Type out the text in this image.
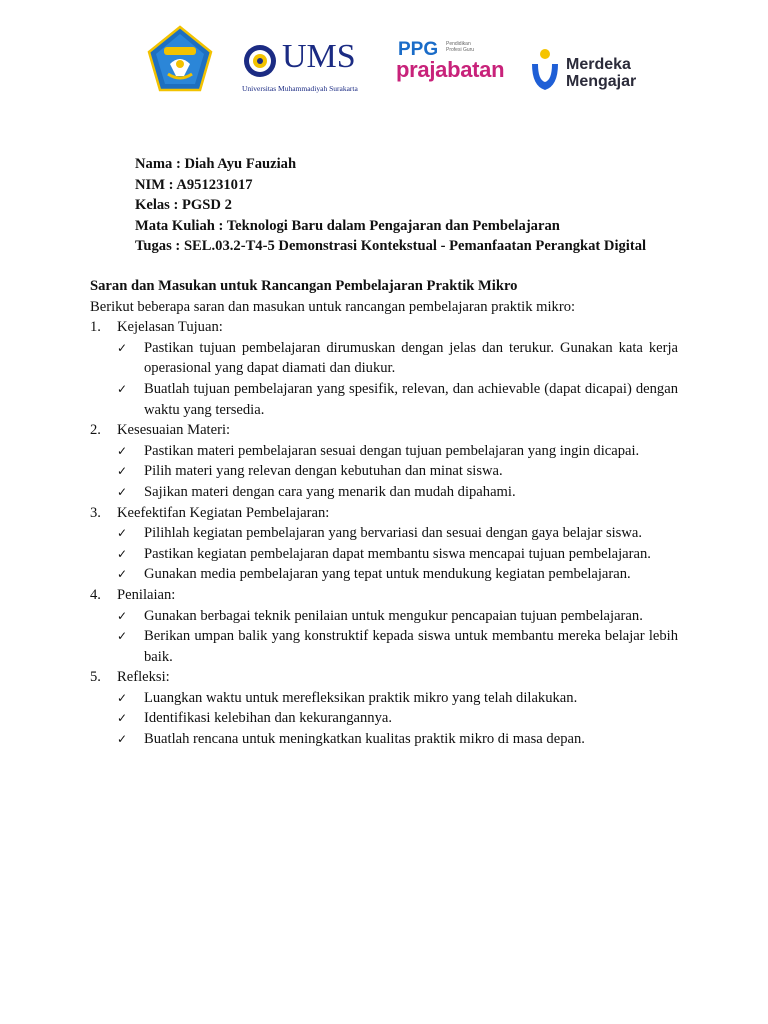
UMS
Universitas Muhammadiyah Surakarta
PPG Pendidikan Profesi Guru
prajabatan	Merdeka
Mengajar
Nama : Diah Ayu Fauziah
NIM : A951231017
Kelas : PGSD 2
Mata Kuliah : Teknologi Baru dalam Pengajaran dan Pembelajaran
Tugas : SEL.03.2-T4-5 Demonstrasi Kontekstual - Pemanfaatan Perangkat Digital
Saran dan Masukan untuk Rancangan Pembelajaran Praktik Mikro
Berikut beberapa saran dan masukan untuk rancangan pembelajaran praktik mikro:
1. Kejelasan Tujuan:
✓ Pastikan tujuan pembelajaran dirumuskan dengan jelas dan terukur. Gunakan kata kerja operasional yang dapat diamati dan diukur.
✓ Buatlah tujuan pembelajaran yang spesifik, relevan, dan achievable (dapat dicapai) dengan waktu yang tersedia.
2. Kesesuaian Materi:
✓ Pastikan materi pembelajaran sesuai dengan tujuan pembelajaran yang ingin dicapai.
✓ Pilih materi yang relevan dengan kebutuhan dan minat siswa.
✓ Sajikan materi dengan cara yang menarik dan mudah dipahami.
3. Keefektifan Kegiatan Pembelajaran:
✓ Pilihlah kegiatan pembelajaran yang bervariasi dan sesuai dengan gaya belajar siswa.
✓ Pastikan kegiatan pembelajaran dapat membantu siswa mencapai tujuan pembelajaran.
✓ Gunakan media pembelajaran yang tepat untuk mendukung kegiatan pembelajaran.
4. Penilaian:
✓ Gunakan berbagai teknik penilaian untuk mengukur pencapaian tujuan pembelajaran.
✓ Berikan umpan balik yang konstruktif kepada siswa untuk membantu mereka belajar lebih baik.
5. Refleksi:
✓ Luangkan waktu untuk merefleksikan praktik mikro yang telah dilakukan.
✓ Identifikasi kelebihan dan kekurangannya.
✓ Buatlah rencana untuk meningkatkan kualitas praktik mikro di masa depan.
